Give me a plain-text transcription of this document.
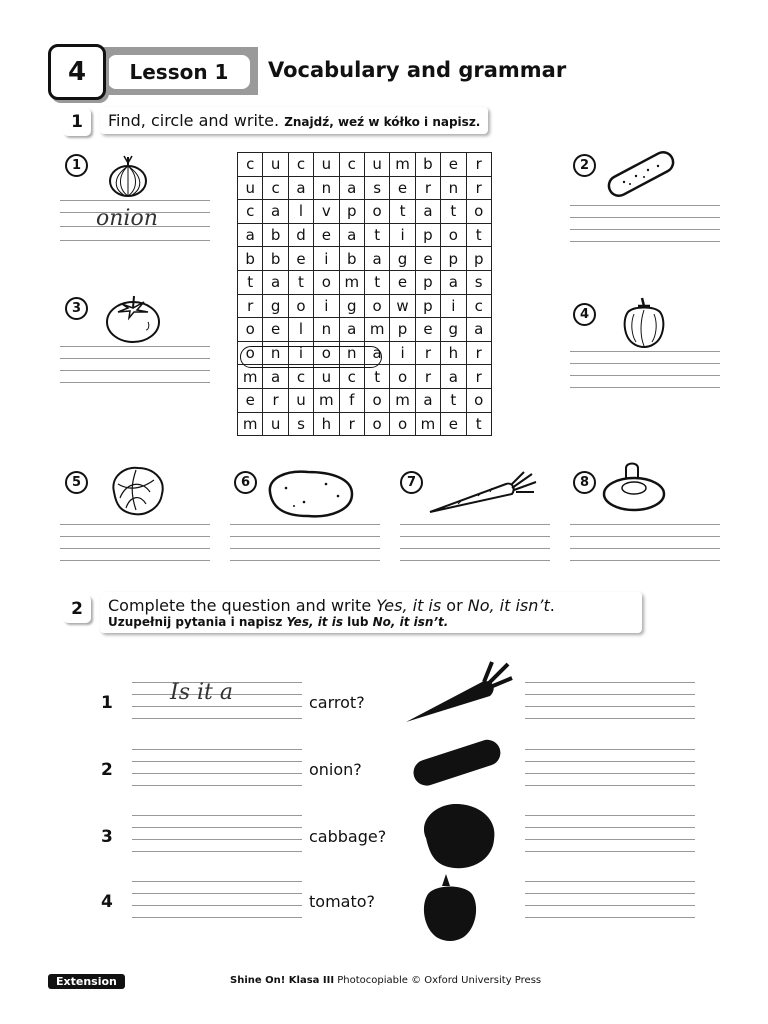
4	Lesson 1	Vocabulary and grammar
1	Find, circle and write. Znajdź, weź w kółko i napisz.
c	u	c	u	c	u	m	b	e	r
u	c	a	n	a	s	e	r	n	r
c	a	l	v	p	o	t	a	t	o
a	b	d	e	a	t	i	p	o	t
b	b	e	i	b	a	g	e	p	p
t	a	t	o	m	t	e	p	a	s
r	g	o	i	g	o	w	p	i	c
o	e	l	n	a	m	p	e	g	a
o	n	i	o	n	a	i	r	h	r
m	a	c	u	c	t	o	r	a	r
e	r	u	m	f	o	m	a	t	o
m	u	s	h	r	o	o	m	e	t
1
onion
2
3	4
5	6	7	8
2	Complete the question and write Yes, it is or No, it isn’t.
Uzupełnij pytania i napisz Yes, it is lub No, it isn’t.
1	Is it a	carrot?
2	onion?
3	cabbage?
4	tomato?
Extension	Shine On! Klasa III Photocopiable © Oxford University Press
